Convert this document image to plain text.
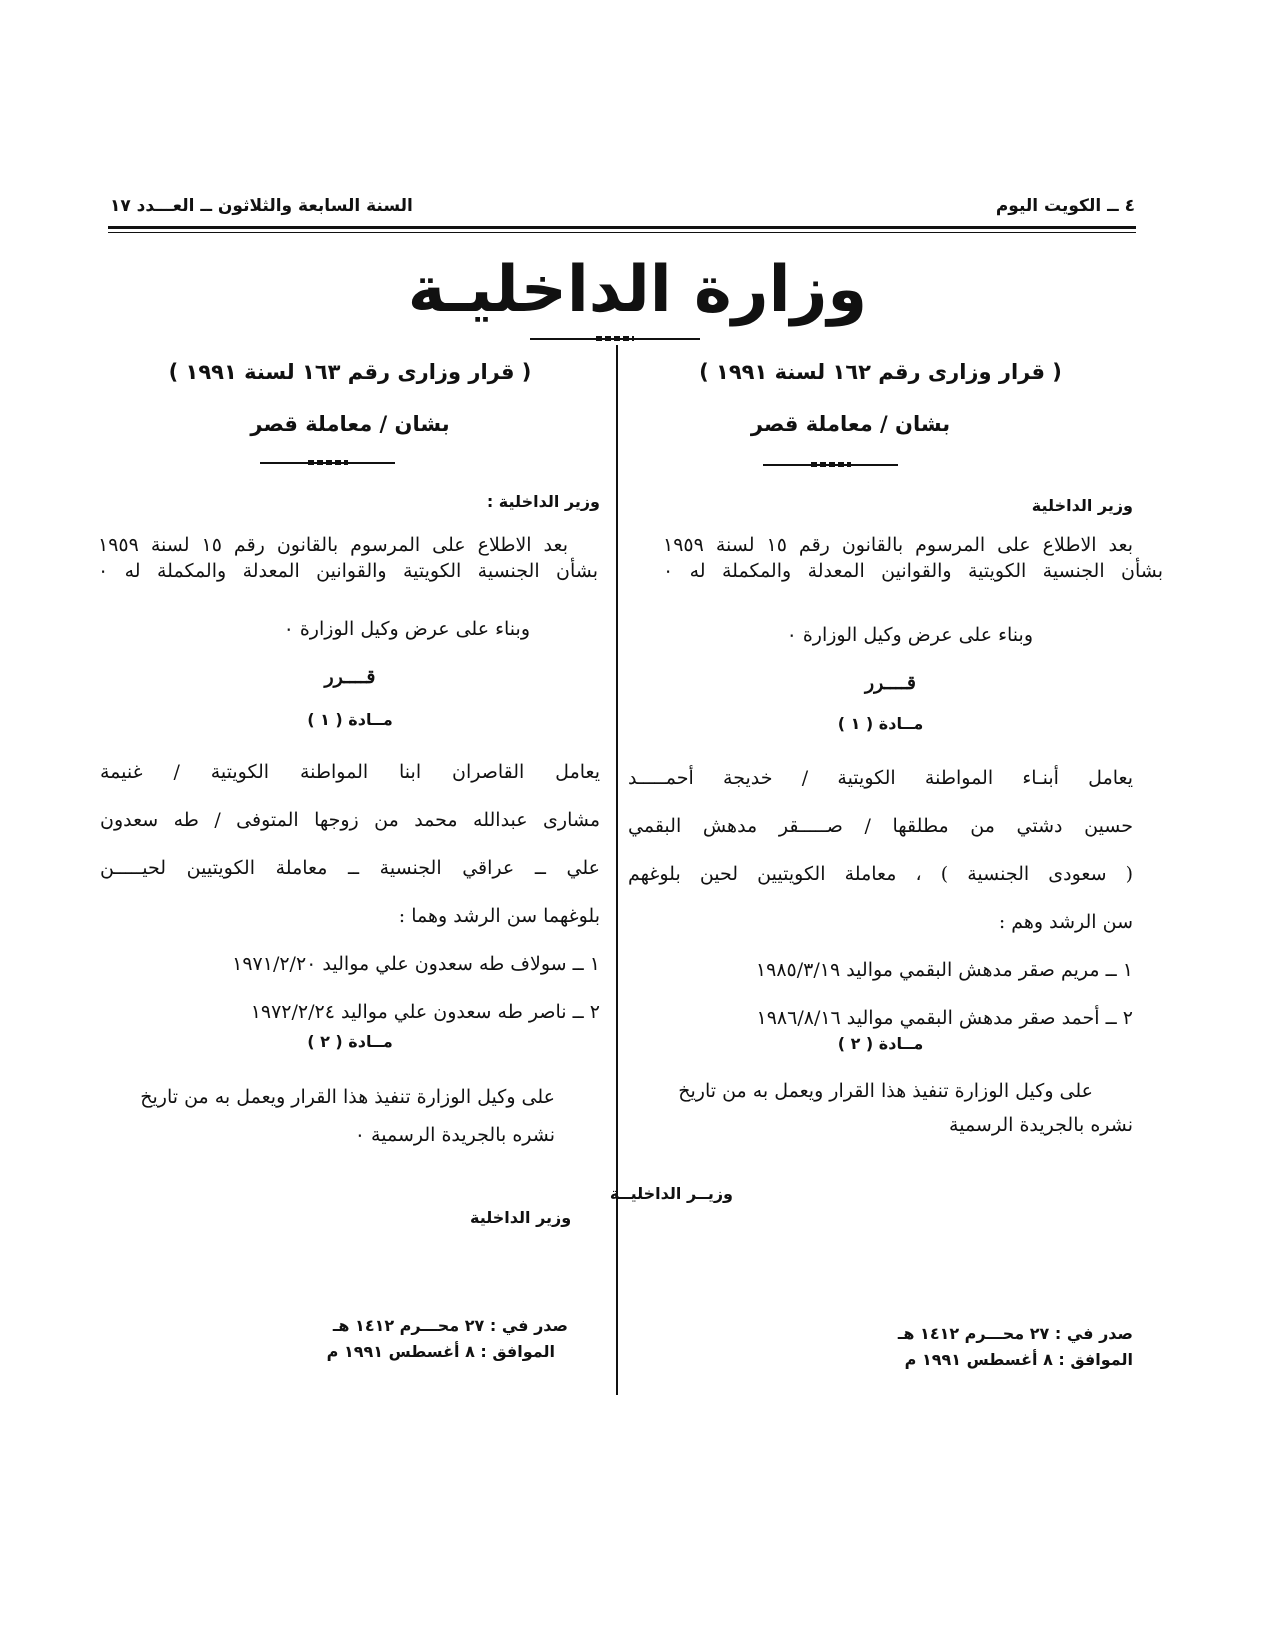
٤ ــ الكويت اليوم
السنة السابعة والثلاثون ــ العـــدد ١٧
وزارة الداخليـة
( قرار وزارى رقم ١٦٢ لسنة ١٩٩١ )
بشان / معاملة قصر
وزير الداخلية
بعد الاطلاع على المرسوم بالقانون رقم ١٥ لسنة ١٩٥٩
بشأن الجنسية الكويتية والقوانين المعدلة والمكملة له ٠
وبناء على عرض وكيل الوزارة ٠
قــــرر
مــادة ( ١ )
يعامل أبنـاء المواطنة الكويتية / خديجة أحمـــــد
حسين دشتي من مطلقها / صـــــقر مدهش البقمي
( سعودى الجنسية ) ، معاملة الكويتيين لحين بلوغهم
سن الرشد وهم :
١ ــ مريم صقر مدهش البقمي مواليد ١٩٨٥/٣/١٩
٢ ــ أحمد صقر مدهش البقمي مواليد ١٩٨٦/٨/١٦
مــادة ( ٢ )
على وكيل الوزارة تنفيذ هذا القرار ويعمل به من تاريخ
نشره بالجريدة الرسمية
وزيــر الداخليــة
صدر في : ٢٧ محـــرم ١٤١٢ هـ
الموافق : ٨ أغسطس ١٩٩١ م
( قرار وزارى رقم ١٦٣ لسنة ١٩٩١ )
بشان / معاملة قصر
وزير الداخلية :
بعد الاطلاع على المرسوم بالقانون رقم ١٥ لسنة ١٩٥٩
بشأن الجنسية الكويتية والقوانين المعدلة والمكملة له ٠
وبناء على عرض وكيل الوزارة ٠
قــــرر
مــادة ( ١ )
يعامل القاصران ابنا المواطنة الكويتية / غنيمة
مشارى عبدالله محمد من زوجها المتوفى / طه سعدون
علي ــ عراقي الجنسية ــ معاملة الكويتيين لحيـــــن
بلوغهما سن الرشد وهما :
١ ــ سولاف طه سعدون علي مواليد ١٩٧١/٢/٢٠
٢ ــ ناصر طه سعدون علي مواليد ١٩٧٢/٢/٢٤
مــادة ( ٢ )
على وكيل الوزارة تنفيذ هذا القرار ويعمل به من تاريخ
نشره بالجريدة الرسمية ٠
وزير الداخلية
صدر في : ٢٧ محـــرم ١٤١٢ هـ
الموافق : ٨ أغسطس ١٩٩١ م
